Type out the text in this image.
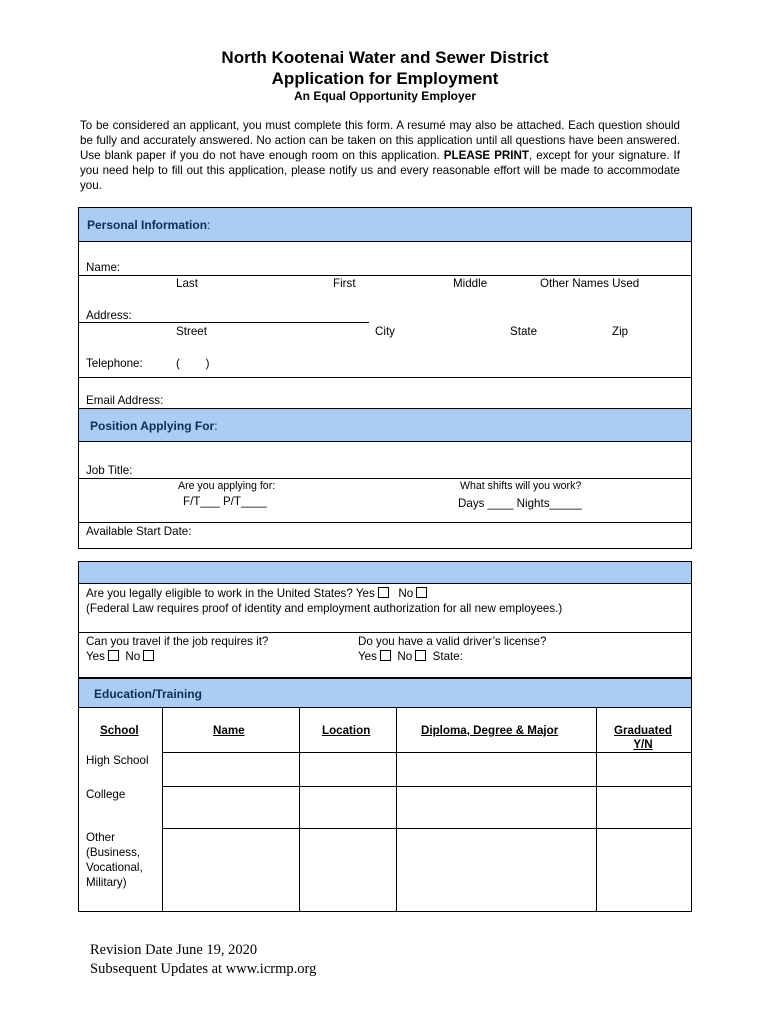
North Kootenai Water and Sewer District
Application for Employment
An Equal Opportunity Employer
To be considered an applicant, you must complete this form. A resumé may also be attached. Each question should be fully and accurately answered. No action can be taken on this application until all questions have been answered. Use blank paper if you do not have enough room on this application. PLEASE PRINT, except for your signature. If you need help to fill out this application, please notify us and every reasonable effort will be made to accommodate you.
Personal Information:
Name:
Last	First	Middle	Other Names Used
Address:
Street	City	State	Zip
Telephone:	(        )
Email Address:
Position Applying For:
Job Title:
Are you applying for:
F/T___ P/T____
What shifts will you work?
Days ____ Nights_____
Available Start Date:
Are you legally eligible to work in the United States? Yes No
(Federal Law requires proof of identity and employment authorization for all new employees.)
Can you travel if the job requires it?
Yes No
Do you have a valid driver’s license?
Yes No State:
Education/Training
School	Name	Location	Diploma, Degree & Major	Graduated Y/N
High School
College
Other (Business, Vocational, Military)
Revision Date June 19, 2020
Subsequent Updates at www.icrmp.org
